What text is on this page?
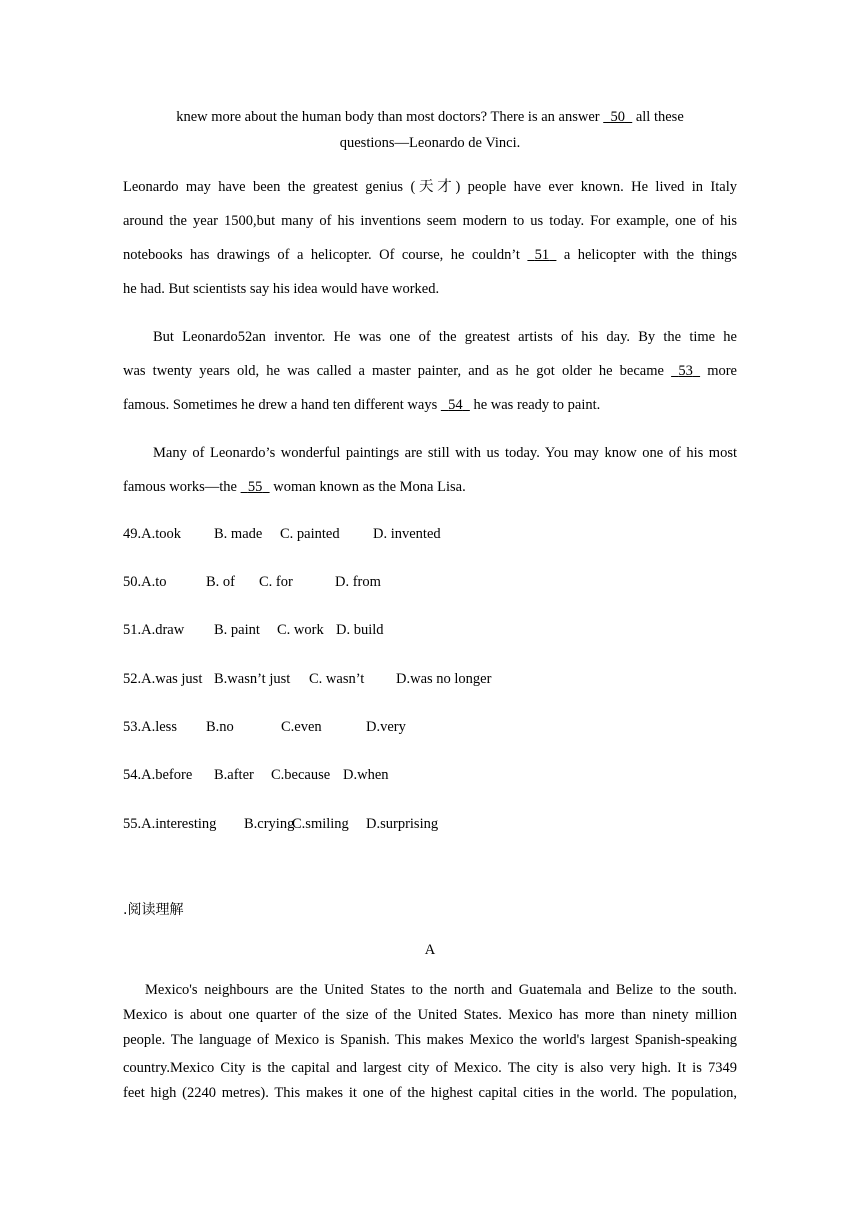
knew more about the human body than most doctors? There is an answer   50   all these
questions—Leonardo de Vinci.
Leonardo may have been the greatest genius (天才) people have ever known. He lived in Italy
around the year 1500,but many of his inventions seem modern to us today. For example, one of his
notebooks has drawings of a helicopter. Of course, he couldn’t   51   a helicopter with the things
he had. But scientists say his idea would have worked.
But Leonardo52an inventor. He was one of the greatest artists of his day. By the time he
was twenty years old, he was called a master painter, and as he got older he became   53   more
famous. Sometimes he drew a hand ten different ways   54   he was ready to paint.
Many of Leonardo’s wonderful paintings are still with us today. You may know one of his most
famous works—the   55   woman known as the Mona Lisa.
49.A.took B. made C. painted D. invented
50.A.to	B. of C. for	D. from
51.A.draw B. paint C. work D. build
52.A.was just B.wasn’t just C. wasn’t D.was no longer
53.A.less B.no	C.even	D.very
54.A.before B.after C.because D.when
55.A.interesting B.crying
C.smiling D.surprising
.阅读理解
A
Mexico's neighbours are the United States to the north and Guatemala and Belize to the south.
Mexico is about one quarter of the size of the United States. Mexico has more than ninety million
people. The language of Mexico is Spanish. This makes Mexico the world's largest Spanish-speaking
country.Mexico City is the capital and largest city of Mexico. The city is also very high. It is 7349
feet high (2240 metres). This makes it one of the highest capital cities in the world. The population,
